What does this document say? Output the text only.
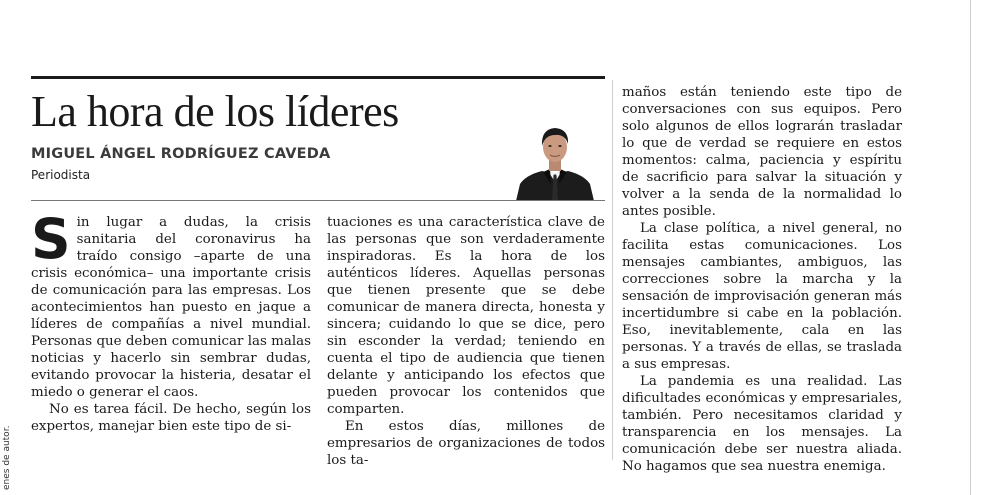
enes de autor.
La hora de los líderes
MIGUEL ÁNGEL RODRÍGUEZ CAVEDA
Periodista

Sin lugar a dudas, la crisis sanitaria del coronavirus ha traído consigo –aparte de una crisis económica– una importante crisis de comunicación para las empresas. Los acontecimientos han puesto en jaque a líderes de compañías a nivel mundial. Personas que deben comunicar las malas noticias y hacerlo sin sembrar dudas, evitando provocar la histeria, desatar el miedo o generar el caos.

No es tarea fácil. De hecho, según los expertos, manejar bien este tipo de si-

tuaciones es una característica clave de las personas que son verdaderamente inspiradoras. Es la hora de los auténticos líderes. Aquellas personas que tienen presente que se debe comunicar de manera directa, honesta y sincera; cuidando lo que se dice, pero sin esconder la verdad; teniendo en cuenta el tipo de audiencia que tienen delante y anticipando los efectos que pueden provocar los contenidos que comparten.

En estos días, millones de empresarios de organizaciones de todos los ta-

maños están teniendo este tipo de conversaciones con sus equipos. Pero solo algunos de ellos lograrán trasladar lo que de verdad se requiere en estos momentos: calma, paciencia y espíritu de sacrificio para salvar la situación y volver a la senda de la normalidad lo antes posible.

La clase política, a nivel general, no facilita estas comunicaciones. Los mensajes cambiantes, ambiguos, las correcciones sobre la marcha y la sensación de improvisación generan más incertidumbre si cabe en la población. Eso, inevitablemente, cala en las personas. Y a través de ellas, se traslada a sus empresas.

La pandemia es una realidad. Las dificultades económicas y empresariales, también. Pero necesitamos claridad y transparencia en los mensajes. La comunicación debe ser nuestra aliada. No hagamos que sea nuestra enemiga.
